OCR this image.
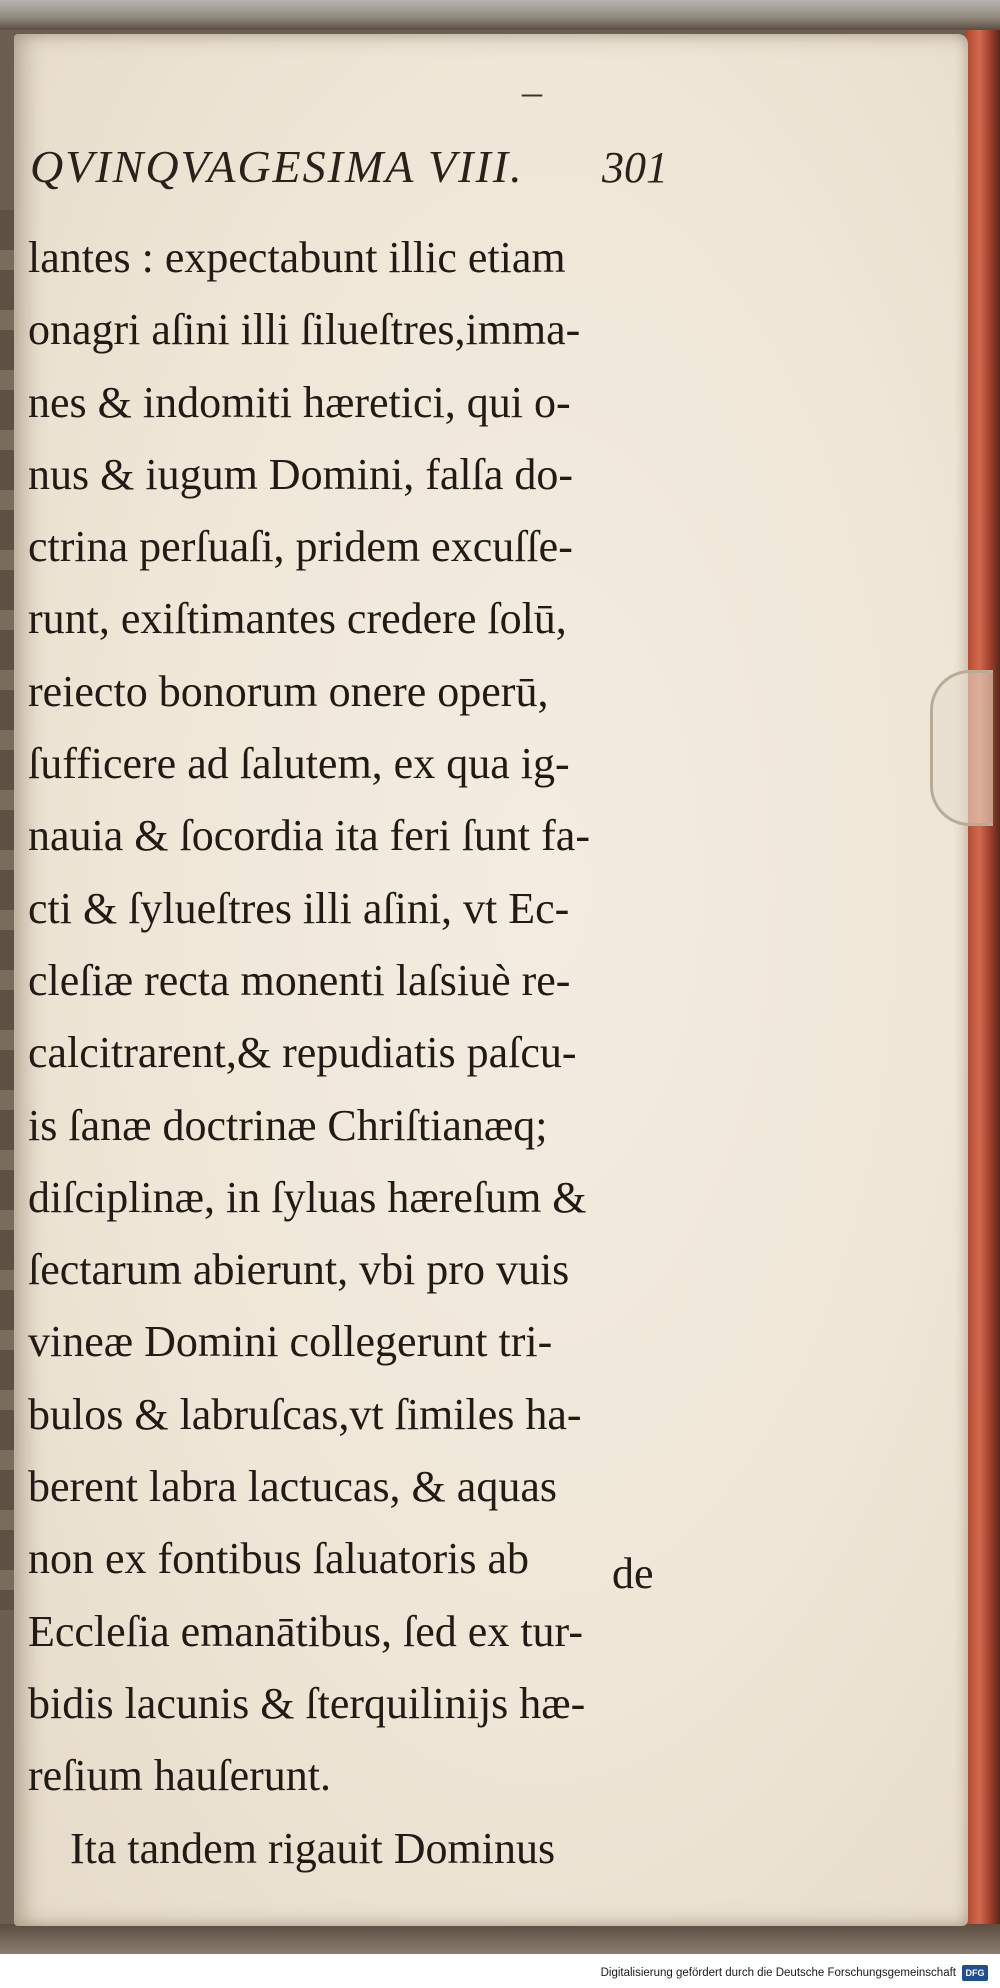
–
QVINQVAGESIMA VIII. 301
lantes : expectabunt illic etiam
onagri aſini illi ſilueſtres,imma-
nes & indomiti hæretici, qui o-
nus & iugum Domini, falſa do-
ctrina perſuaſi, pridem excuſſe-
runt, exiſtimantes credere ſolū,
reiecto bonorum onere operū,
ſufficere ad ſalutem, ex qua ig-
nauia & ſocordia ita feri ſunt fa-
cti & ſylueſtres illi aſini, vt Ec-
cleſiæ recta monenti laſsiuè re-
calcitrarent,& repudiatis paſcu-
is ſanæ doctrinæ Chriſtianæq;
diſciplinæ, in ſyluas hæreſum &
ſectarum abierunt, vbi pro vuis
vineæ Domini collegerunt tri-
bulos & labruſcas,vt ſimiles ha-
berent labra lactucas, & aquas
non ex fontibus ſaluatoris ab
Eccleſia emanātibus, ſed ex tur-
bidis lacunis & ſterquilinijs hæ-
reſium hauſerunt.
Ita tandem rigauit Dominus
de
Digitalisierung gefördert durch die Deutsche Forschungsgemeinschaft	DFG
